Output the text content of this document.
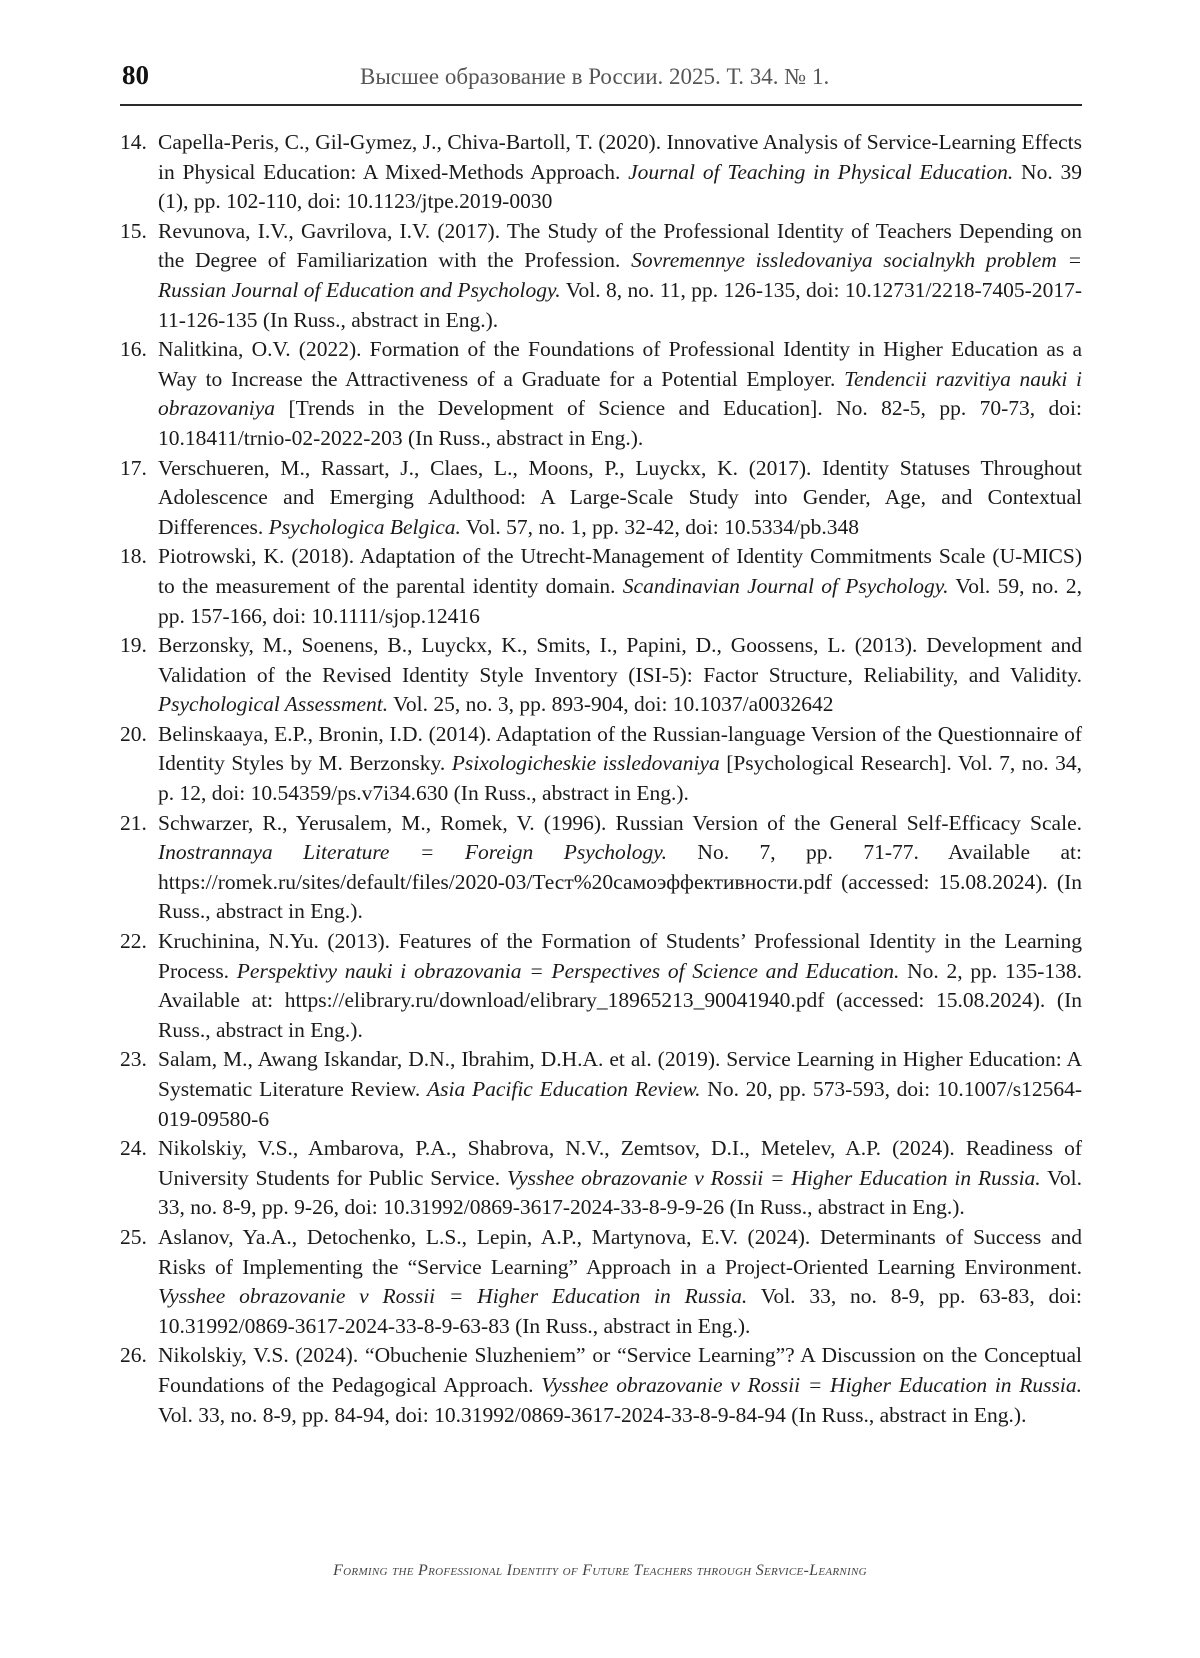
80	Высшее образование в России. 2025. Т. 34. № 1.
14. Capella-Peris, C., Gil-Gymez, J., Chiva-Bartoll, T. (2020). Innovative Analysis of Service-Learning Effects in Physical Education: A Mixed-Methods Approach. Journal of Teaching in Physical Education. No. 39 (1), pp. 102-110, doi: 10.1123/jtpe.2019-0030
15. Revunova, I.V., Gavrilova, I.V. (2017). The Study of the Professional Identity of Teachers Depending on the Degree of Familiarization with the Profession. Sovremennye issledovaniya socialnykh problem = Russian Journal of Education and Psychology. Vol. 8, no. 11, pp. 126-135, doi: 10.12731/2218-7405-2017-11-126-135 (In Russ., abstract in Eng.).
16. Nalitkina, O.V. (2022). Formation of the Foundations of Professional Identity in Higher Education as a Way to Increase the Attractiveness of a Graduate for a Potential Employer. Tendencii razvitiya nauki i obrazovaniya [Trends in the Development of Science and Education]. No. 82-5, pp. 70-73, doi: 10.18411/trnio-02-2022-203 (In Russ., abstract in Eng.).
17. Verschueren, M., Rassart, J., Claes, L., Moons, P., Luyckx, K. (2017). Identity Statuses Throughout Adolescence and Emerging Adulthood: A Large-Scale Study into Gender, Age, and Contextual Differences. Psychologica Belgica. Vol. 57, no. 1, pp. 32-42, doi: 10.5334/pb.348
18. Piotrowski, K. (2018). Adaptation of the Utrecht-Management of Identity Commitments Scale (U-MICS) to the measurement of the parental identity domain. Scandinavian Journal of Psychology. Vol. 59, no. 2, pp. 157-166, doi: 10.1111/sjop.12416
19. Berzonsky, M., Soenens, B., Luyckx, K., Smits, I., Papini, D., Goossens, L. (2013). Development and Validation of the Revised Identity Style Inventory (ISI-5): Factor Structure, Reliability, and Validity. Psychological Assessment. Vol. 25, no. 3, pp. 893-904, doi: 10.1037/a0032642
20. Belinskaaya, E.P., Bronin, I.D. (2014). Adaptation of the Russian-language Version of the Questionnaire of Identity Styles by M. Berzonsky. Psixologicheskie issledovaniya [Psychological Research]. Vol. 7, no. 34, p. 12, doi: 10.54359/ps.v7i34.630 (In Russ., abstract in Eng.).
21. Schwarzer, R., Yerusalem, M., Romek, V. (1996). Russian Version of the General Self-Efficacy Scale. Inostrannaya Literature = Foreign Psychology. No. 7, pp. 71-77. Available at: https://romek.ru/sites/default/files/2020-03/Тест%20самоэффективности.pdf (accessed: 15.08.2024). (In Russ., abstract in Eng.).
22. Kruchinina, N.Yu. (2013). Features of the Formation of Students’ Professional Identity in the Learning Process. Perspektivy nauki i obrazovania = Perspectives of Science and Education. No. 2, pp. 135-138. Available at: https://elibrary.ru/download/elibrary_18965213_90041940.pdf (accessed: 15.08.2024). (In Russ., abstract in Eng.).
23. Salam, M., Awang Iskandar, D.N., Ibrahim, D.H.A. et al. (2019). Service Learning in Higher Education: A Systematic Literature Review. Asia Pacific Education Review. No. 20, pp. 573-593, doi: 10.1007/s12564-019-09580-6
24. Nikolskiy, V.S., Ambarova, P.A., Shabrova, N.V., Zemtsov, D.I., Metelev, A.P. (2024). Readiness of University Students for Public Service. Vysshee obrazovanie v Rossii = Higher Education in Russia. Vol. 33, no. 8-9, pp. 9-26, doi: 10.31992/0869-3617-2024-33-8-9-9-26 (In Russ., abstract in Eng.).
25. Aslanov, Ya.A., Detochenko, L.S., Lepin, A.P., Martynova, E.V. (2024). Determinants of Success and Risks of Implementing the “Service Learning” Approach in a Project-Oriented Learning Environment. Vysshee obrazovanie v Rossii = Higher Education in Russia. Vol. 33, no. 8-9, pp. 63-83, doi: 10.31992/0869-3617-2024-33-8-9-63-83 (In Russ., abstract in Eng.).
26. Nikolskiy, V.S. (2024). “Obuchenie Sluzheniem” or “Service Learning”? A Discussion on the Conceptual Foundations of the Pedagogical Approach. Vysshee obrazovanie v Rossii = Higher Education in Russia. Vol. 33, no. 8-9, pp. 84-94, doi: 10.31992/0869-3617-2024-33-8-9-84-94 (In Russ., abstract in Eng.).
Forming the Professional Identity of Future Teachers through Service-Learning
